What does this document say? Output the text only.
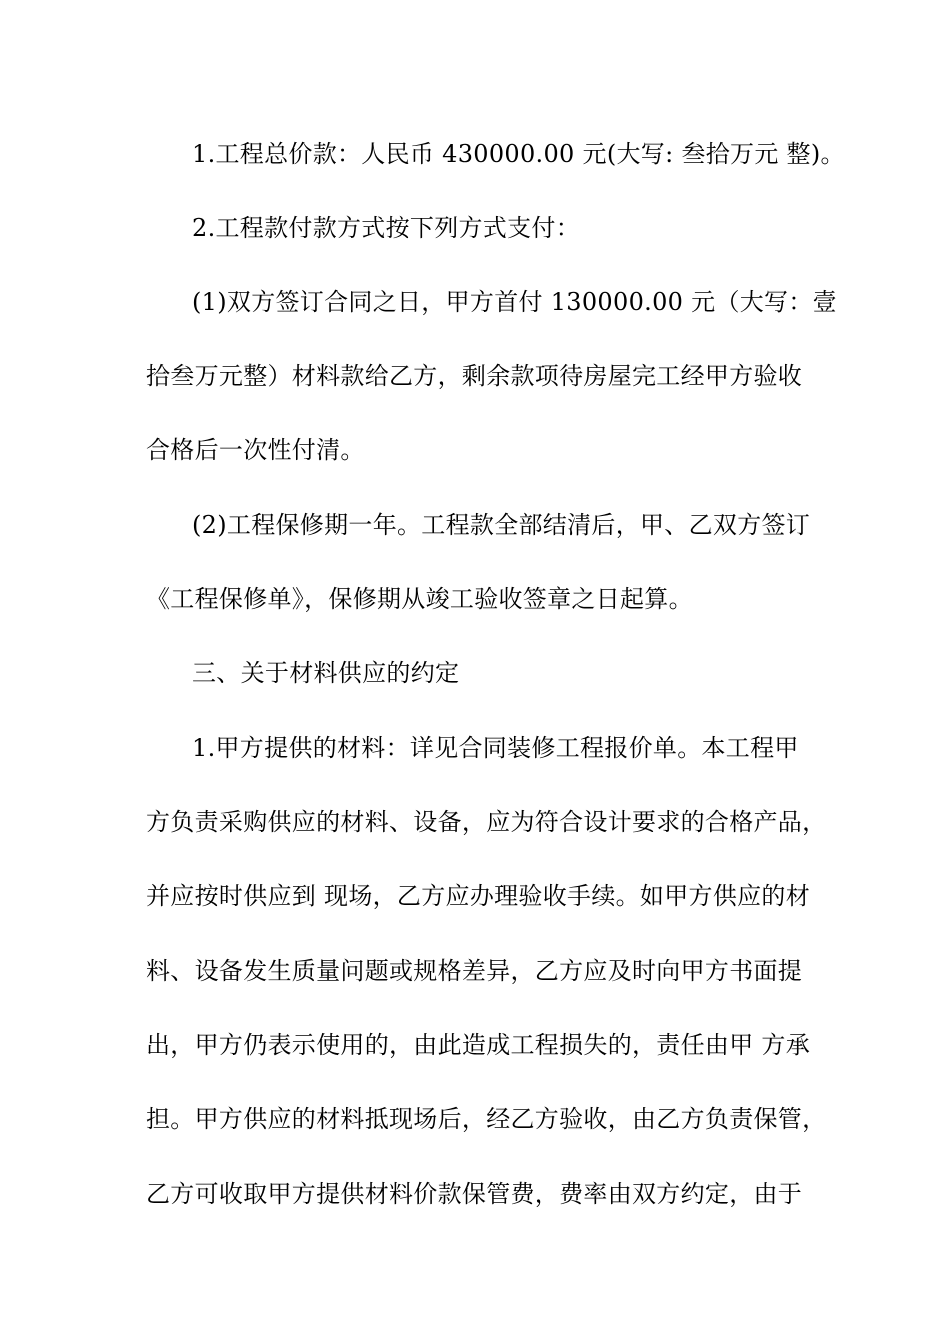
1.工程总价款：人民币 430000.00 元(大写: 叁拾万元 整)。
2.工程款付款方式按下列方式支付：
(1)双方签订合同之日，甲方首付 130000.00 元（大写：壹
拾叁万元整）材料款给乙方，剩余款项待房屋完工经甲方验收
合格后一次性付清。
(2)工程保修期一年。工程款全部结清后，甲、乙双方签订
《工程保修单》，保修期从竣工验收签章之日起算。
三、关于材料供应的约定
1.甲方提供的材料：详见合同装修工程报价单。本工程甲
方负责采购供应的材料、设备，应为符合设计要求的合格产品，
并应按时供应到 现场，乙方应办理验收手续。如甲方供应的材
料、设备发生质量问题或规格差异，乙方应及时向甲方书面提
出，甲方仍表示使用的，由此造成工程损失的，责任由甲 方承
担。甲方供应的材料抵现场后，经乙方验收，由乙方负责保管，
乙方可收取甲方提供材料价款保管费，费率由双方约定，由于
